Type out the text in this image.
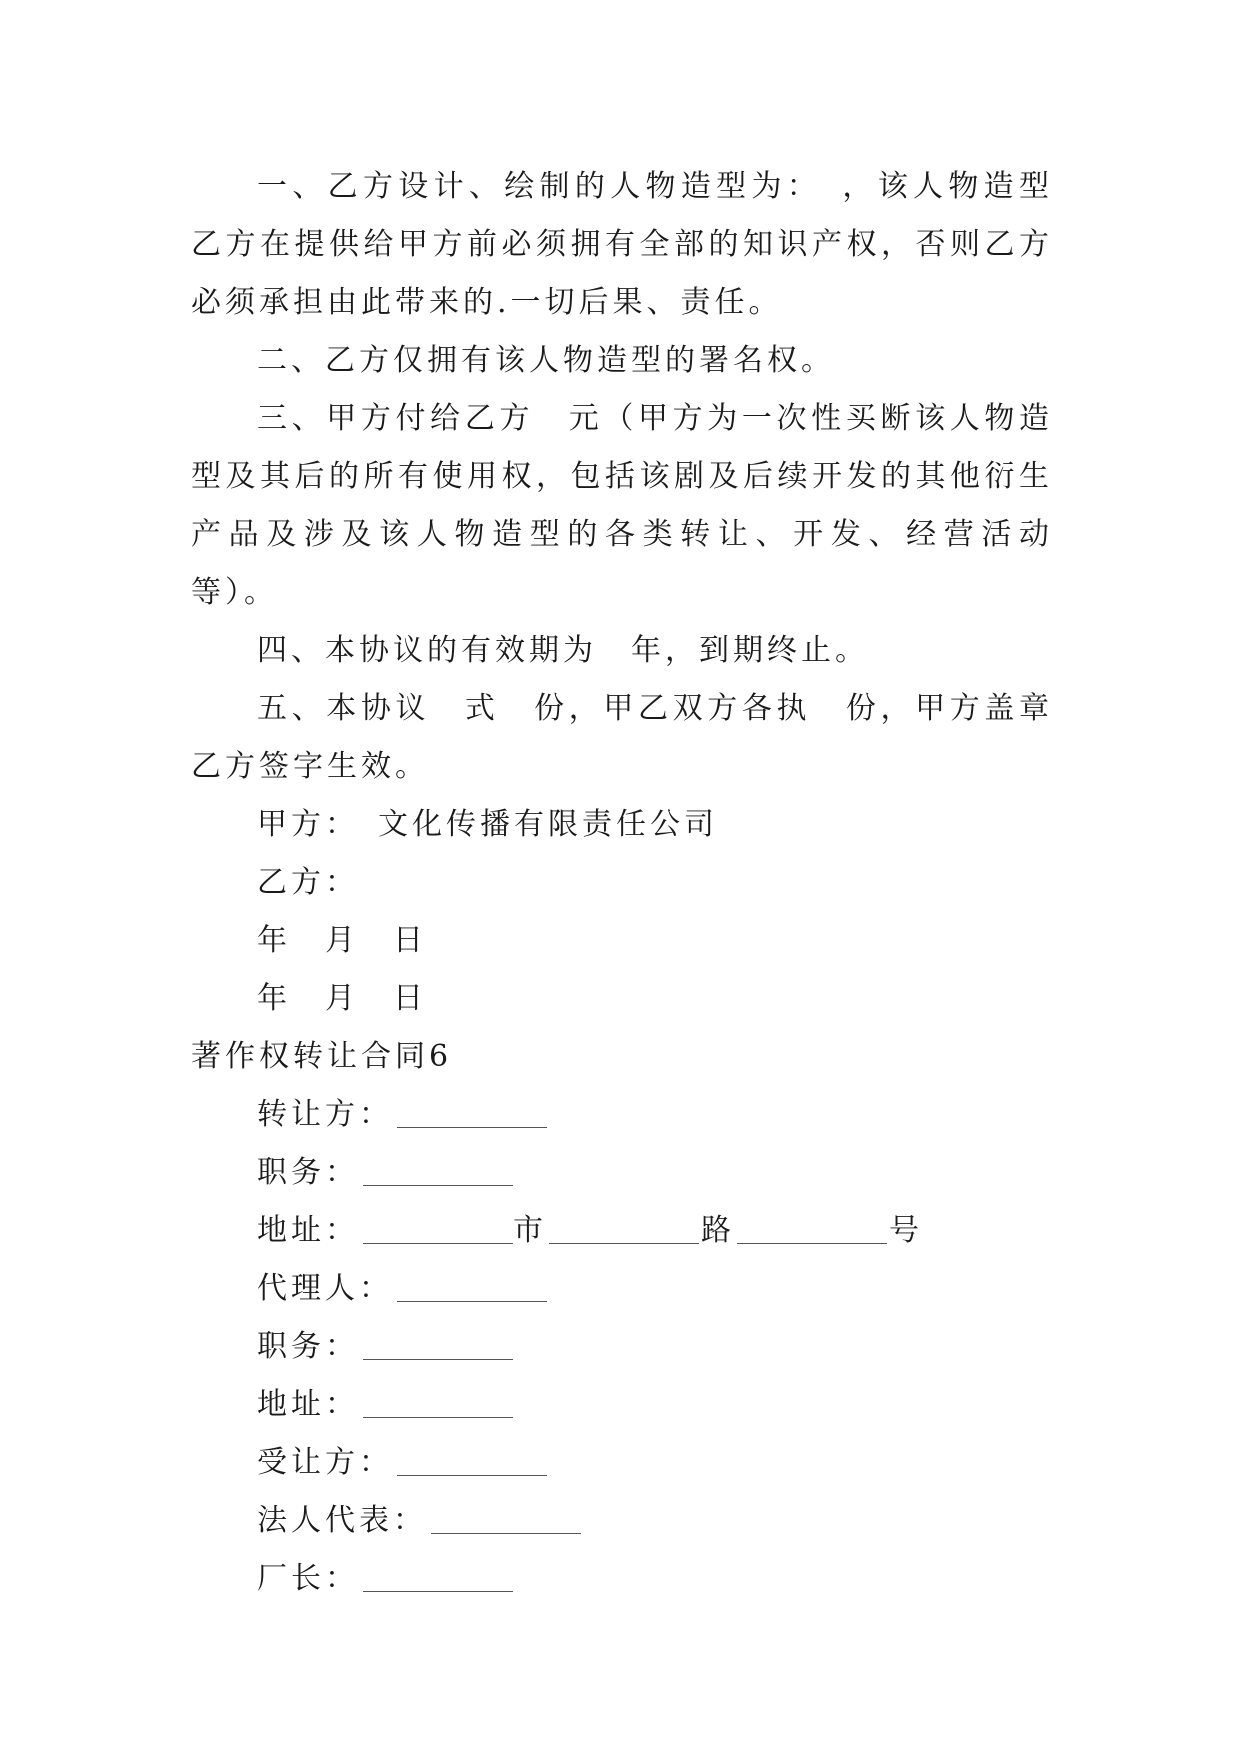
一、乙方设计、绘制的人物造型为：　，该人物造型乙方在提供给甲方前必须拥有全部的知识产权，否则乙方必须承担由此带来的.一切后果、责任。

二、乙方仅拥有该人物造型的署名权。

三、甲方付给乙方　元（甲方为一次性买断该人物造型及其后的所有使用权，包括该剧及后续开发的其他衍生产品及涉及该人物造型的各类转让、开发、经营活动等）。

四、本协议的有效期为　年，到期终止。

五、本协议　式　份，甲乙双方各执　份，甲方盖章乙方签字生效。

甲方：　文化传播有限责任公司

乙方：

年　月　日

年　月　日

著作权转让合同6

转让方：

职务：

地址：	市	路	号

代理人：

职务：

地址：

受让方：

法人代表：

厂长：
